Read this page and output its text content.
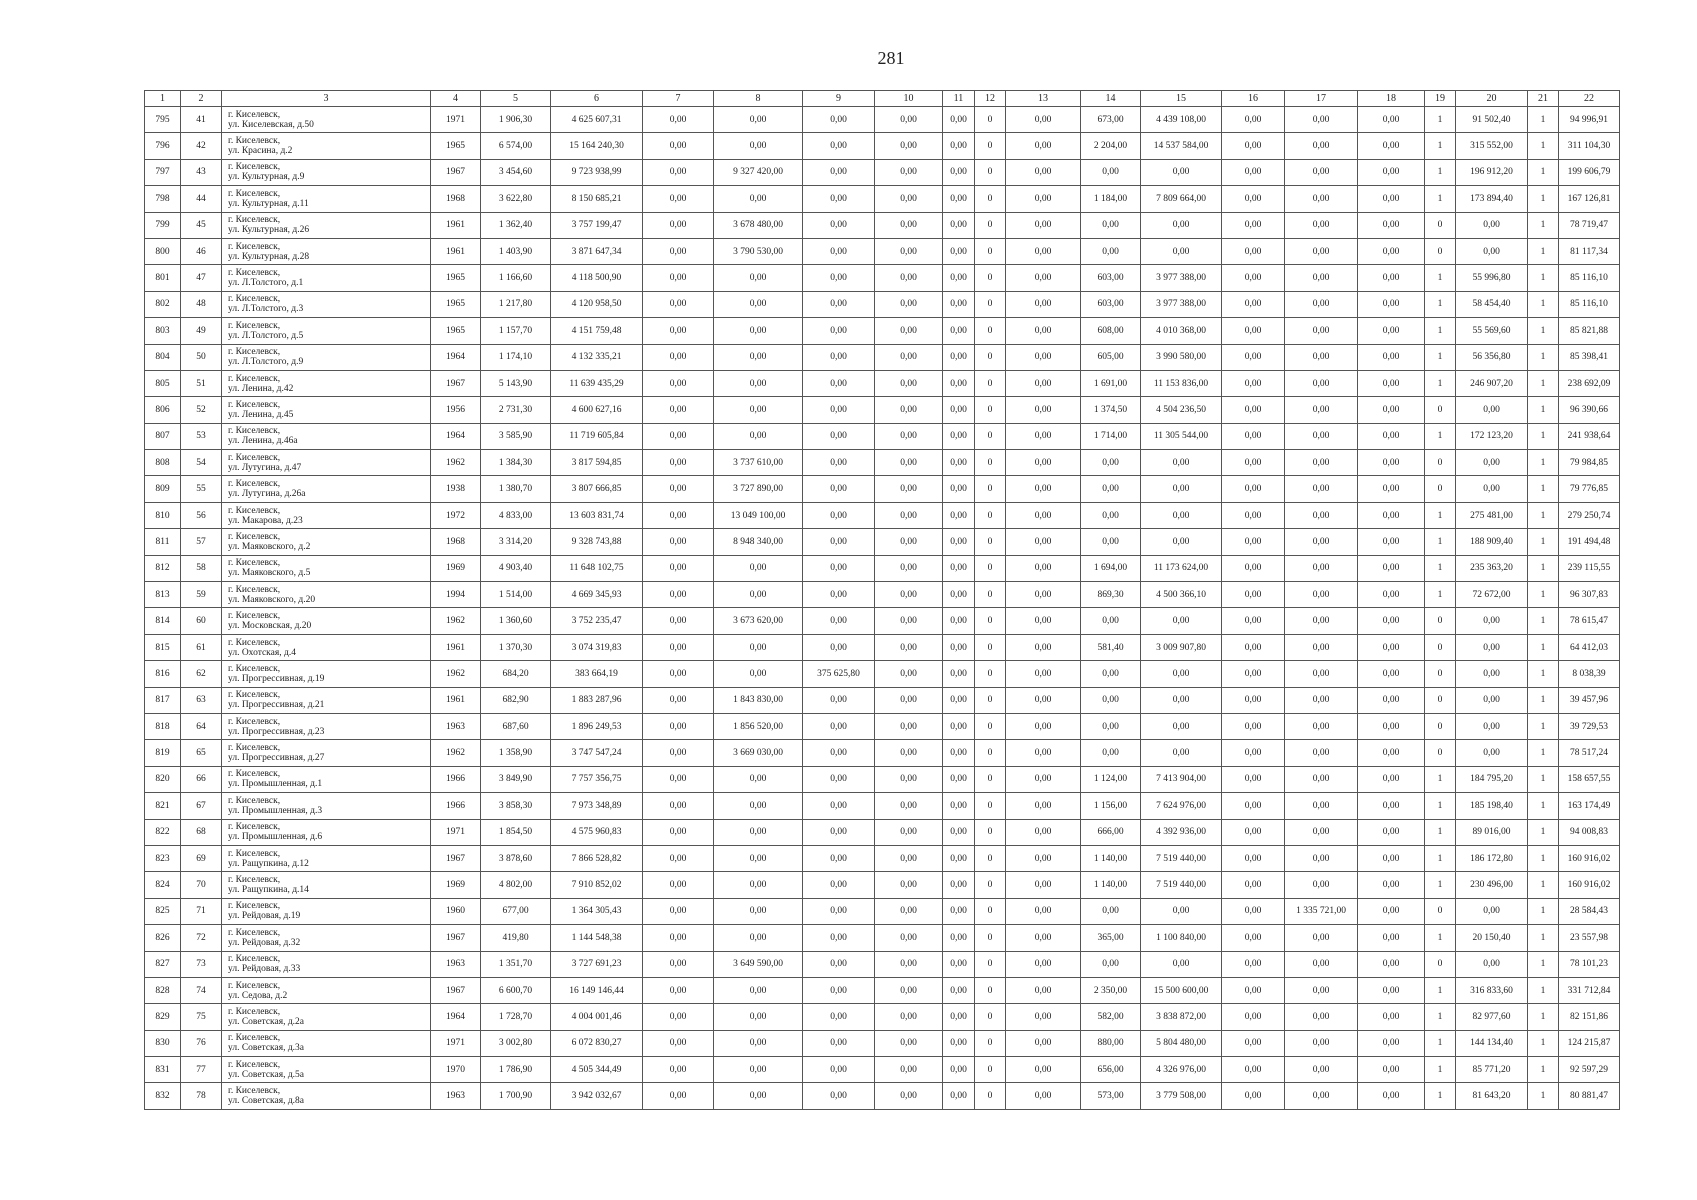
281
1	2	3	4	5	6	7	8	9	10	11	12	13	14	15	16	17	18	19	20	21	22
795	41	г. Киселевск,
ул. Киселевская, д.50	1971	1 906,30	4 625 607,31	0,00	0,00	0,00	0,00	0,00	0	0,00	673,00	4 439 108,00	0,00	0,00	0,00	1	91 502,40	1	94 996,91
796	42	г. Киселевск,
ул. Красина, д.2	1965	6 574,00	15 164 240,30	0,00	0,00	0,00	0,00	0,00	0	0,00	2 204,00	14 537 584,00	0,00	0,00	0,00	1	315 552,00	1	311 104,30
797	43	г. Киселевск,
ул. Культурная, д.9	1967	3 454,60	9 723 938,99	0,00	9 327 420,00	0,00	0,00	0,00	0	0,00	0,00	0,00	0,00	0,00	0,00	1	196 912,20	1	199 606,79
798	44	г. Киселевск,
ул. Культурная, д.11	1968	3 622,80	8 150 685,21	0,00	0,00	0,00	0,00	0,00	0	0,00	1 184,00	7 809 664,00	0,00	0,00	0,00	1	173 894,40	1	167 126,81
799	45	г. Киселевск,
ул. Культурная, д.26	1961	1 362,40	3 757 199,47	0,00	3 678 480,00	0,00	0,00	0,00	0	0,00	0,00	0,00	0,00	0,00	0,00	0	0,00	1	78 719,47
800	46	г. Киселевск,
ул. Культурная, д.28	1961	1 403,90	3 871 647,34	0,00	3 790 530,00	0,00	0,00	0,00	0	0,00	0,00	0,00	0,00	0,00	0,00	0	0,00	1	81 117,34
801	47	г. Киселевск,
ул. Л.Толстого, д.1	1965	1 166,60	4 118 500,90	0,00	0,00	0,00	0,00	0,00	0	0,00	603,00	3 977 388,00	0,00	0,00	0,00	1	55 996,80	1	85 116,10
802	48	г. Киселевск,
ул. Л.Толстого, д.3	1965	1 217,80	4 120 958,50	0,00	0,00	0,00	0,00	0,00	0	0,00	603,00	3 977 388,00	0,00	0,00	0,00	1	58 454,40	1	85 116,10
803	49	г. Киселевск,
ул. Л.Толстого, д.5	1965	1 157,70	4 151 759,48	0,00	0,00	0,00	0,00	0,00	0	0,00	608,00	4 010 368,00	0,00	0,00	0,00	1	55 569,60	1	85 821,88
804	50	г. Киселевск,
ул. Л.Толстого, д.9	1964	1 174,10	4 132 335,21	0,00	0,00	0,00	0,00	0,00	0	0,00	605,00	3 990 580,00	0,00	0,00	0,00	1	56 356,80	1	85 398,41
805	51	г. Киселевск,
ул. Ленина, д.42	1967	5 143,90	11 639 435,29	0,00	0,00	0,00	0,00	0,00	0	0,00	1 691,00	11 153 836,00	0,00	0,00	0,00	1	246 907,20	1	238 692,09
806	52	г. Киселевск,
ул. Ленина, д.45	1956	2 731,30	4 600 627,16	0,00	0,00	0,00	0,00	0,00	0	0,00	1 374,50	4 504 236,50	0,00	0,00	0,00	0	0,00	1	96 390,66
807	53	г. Киселевск,
ул. Ленина, д.46а	1964	3 585,90	11 719 605,84	0,00	0,00	0,00	0,00	0,00	0	0,00	1 714,00	11 305 544,00	0,00	0,00	0,00	1	172 123,20	1	241 938,64
808	54	г. Киселевск,
ул. Лутугина, д.47	1962	1 384,30	3 817 594,85	0,00	3 737 610,00	0,00	0,00	0,00	0	0,00	0,00	0,00	0,00	0,00	0,00	0	0,00	1	79 984,85
809	55	г. Киселевск,
ул. Лутугина, д.26а	1938	1 380,70	3 807 666,85	0,00	3 727 890,00	0,00	0,00	0,00	0	0,00	0,00	0,00	0,00	0,00	0,00	0	0,00	1	79 776,85
810	56	г. Киселевск,
ул. Макарова, д.23	1972	4 833,00	13 603 831,74	0,00	13 049 100,00	0,00	0,00	0,00	0	0,00	0,00	0,00	0,00	0,00	0,00	1	275 481,00	1	279 250,74
811	57	г. Киселевск,
ул. Маяковского, д.2	1968	3 314,20	9 328 743,88	0,00	8 948 340,00	0,00	0,00	0,00	0	0,00	0,00	0,00	0,00	0,00	0,00	1	188 909,40	1	191 494,48
812	58	г. Киселевск,
ул. Маяковского, д.5	1969	4 903,40	11 648 102,75	0,00	0,00	0,00	0,00	0,00	0	0,00	1 694,00	11 173 624,00	0,00	0,00	0,00	1	235 363,20	1	239 115,55
813	59	г. Киселевск,
ул. Маяковского, д.20	1994	1 514,00	4 669 345,93	0,00	0,00	0,00	0,00	0,00	0	0,00	869,30	4 500 366,10	0,00	0,00	0,00	1	72 672,00	1	96 307,83
814	60	г. Киселевск,
ул. Московская, д.20	1962	1 360,60	3 752 235,47	0,00	3 673 620,00	0,00	0,00	0,00	0	0,00	0,00	0,00	0,00	0,00	0,00	0	0,00	1	78 615,47
815	61	г. Киселевск,
ул. Охотская, д.4	1961	1 370,30	3 074 319,83	0,00	0,00	0,00	0,00	0,00	0	0,00	581,40	3 009 907,80	0,00	0,00	0,00	0	0,00	1	64 412,03
816	62	г. Киселевск,
ул. Прогрессивная, д.19	1962	684,20	383 664,19	0,00	0,00	375 625,80	0,00	0,00	0	0,00	0,00	0,00	0,00	0,00	0,00	0	0,00	1	8 038,39
817	63	г. Киселевск,
ул. Прогрессивная, д.21	1961	682,90	1 883 287,96	0,00	1 843 830,00	0,00	0,00	0,00	0	0,00	0,00	0,00	0,00	0,00	0,00	0	0,00	1	39 457,96
818	64	г. Киселевск,
ул. Прогрессивная, д.23	1963	687,60	1 896 249,53	0,00	1 856 520,00	0,00	0,00	0,00	0	0,00	0,00	0,00	0,00	0,00	0,00	0	0,00	1	39 729,53
819	65	г. Киселевск,
ул. Прогрессивная, д.27	1962	1 358,90	3 747 547,24	0,00	3 669 030,00	0,00	0,00	0,00	0	0,00	0,00	0,00	0,00	0,00	0,00	0	0,00	1	78 517,24
820	66	г. Киселевск,
ул. Промышленная, д.1	1966	3 849,90	7 757 356,75	0,00	0,00	0,00	0,00	0,00	0	0,00	1 124,00	7 413 904,00	0,00	0,00	0,00	1	184 795,20	1	158 657,55
821	67	г. Киселевск,
ул. Промышленная, д.3	1966	3 858,30	7 973 348,89	0,00	0,00	0,00	0,00	0,00	0	0,00	1 156,00	7 624 976,00	0,00	0,00	0,00	1	185 198,40	1	163 174,49
822	68	г. Киселевск,
ул. Промышленная, д.6	1971	1 854,50	4 575 960,83	0,00	0,00	0,00	0,00	0,00	0	0,00	666,00	4 392 936,00	0,00	0,00	0,00	1	89 016,00	1	94 008,83
823	69	г. Киселевск,
ул. Ращупкина, д.12	1967	3 878,60	7 866 528,82	0,00	0,00	0,00	0,00	0,00	0	0,00	1 140,00	7 519 440,00	0,00	0,00	0,00	1	186 172,80	1	160 916,02
824	70	г. Киселевск,
ул. Ращупкина, д.14	1969	4 802,00	7 910 852,02	0,00	0,00	0,00	0,00	0,00	0	0,00	1 140,00	7 519 440,00	0,00	0,00	0,00	1	230 496,00	1	160 916,02
825	71	г. Киселевск,
ул. Рейдовая, д.19	1960	677,00	1 364 305,43	0,00	0,00	0,00	0,00	0,00	0	0,00	0,00	0,00	0,00	1 335 721,00	0,00	0	0,00	1	28 584,43
826	72	г. Киселевск,
ул. Рейдовая, д.32	1967	419,80	1 144 548,38	0,00	0,00	0,00	0,00	0,00	0	0,00	365,00	1 100 840,00	0,00	0,00	0,00	1	20 150,40	1	23 557,98
827	73	г. Киселевск,
ул. Рейдовая, д.33	1963	1 351,70	3 727 691,23	0,00	3 649 590,00	0,00	0,00	0,00	0	0,00	0,00	0,00	0,00	0,00	0,00	0	0,00	1	78 101,23
828	74	г. Киселевск,
ул. Седова, д.2	1967	6 600,70	16 149 146,44	0,00	0,00	0,00	0,00	0,00	0	0,00	2 350,00	15 500 600,00	0,00	0,00	0,00	1	316 833,60	1	331 712,84
829	75	г. Киселевск,
ул. Советская, д.2а	1964	1 728,70	4 004 001,46	0,00	0,00	0,00	0,00	0,00	0	0,00	582,00	3 838 872,00	0,00	0,00	0,00	1	82 977,60	1	82 151,86
830	76	г. Киселевск,
ул. Советская, д.3а	1971	3 002,80	6 072 830,27	0,00	0,00	0,00	0,00	0,00	0	0,00	880,00	5 804 480,00	0,00	0,00	0,00	1	144 134,40	1	124 215,87
831	77	г. Киселевск,
ул. Советская, д.5а	1970	1 786,90	4 505 344,49	0,00	0,00	0,00	0,00	0,00	0	0,00	656,00	4 326 976,00	0,00	0,00	0,00	1	85 771,20	1	92 597,29
832	78	г. Киселевск,
ул. Советская, д.8а	1963	1 700,90	3 942 032,67	0,00	0,00	0,00	0,00	0,00	0	0,00	573,00	3 779 508,00	0,00	0,00	0,00	1	81 643,20	1	80 881,47
